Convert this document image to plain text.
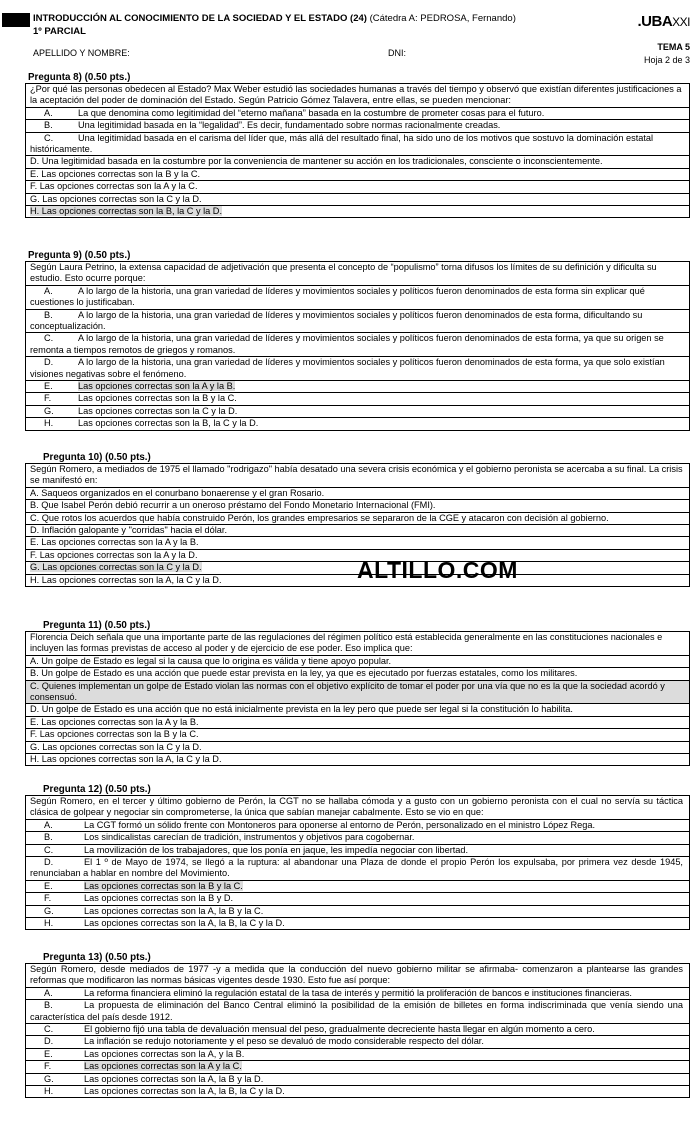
INTRODUCCIÓN AL CONOCIMIENTO DE LA SOCIEDAD Y EL ESTADO (24) (Cátedra A: PEDROSA, Fernando)
1º PARCIAL
.UBAXXI
APELLIDO Y NOMBRE:	DNI:
TEMA 5
Hoja 2 de 3
Pregunta 8) (0.50 pts.)
¿Por qué las personas obedecen al Estado? Max Weber estudió las sociedades humanas a través del tiempo y observó que existían diferentes justificaciones a la aceptación del poder de dominación del Estado. Según Patricio Gómez Talavera, entre ellas, se pueden mencionar:
A.	La que denomina como legitimidad del “eterno mañana” basada en la costumbre de prometer cosas para el futuro.
B.	Una legitimidad basada en la “legalidad”. Es decir, fundamentado sobre normas racionalmente creadas.
C.	Una legitimidad basada en el carisma del líder que, más allá del resultado final, ha sido uno de los motivos que sostuvo la dominación estatal históricamente.
D. Una legitimidad basada en la costumbre por la conveniencia de mantener su acción en los tradicionales, consciente o inconscientemente.
E. Las opciones correctas son la B y la C.
F. Las opciones correctas son la A y la C.
G. Las opciones correctas son la C y la D.
H. Las opciones correctas son la B, la C y la D.
Pregunta 9) (0.50 pts.)
Según Laura Petrino, la extensa capacidad de adjetivación que presenta el concepto de “populismo” torna difusos los límites de su definición y dificulta su estudio. Esto ocurre porque:
A.	A lo largo de la historia, una gran variedad de líderes y movimientos sociales y políticos fueron denominados de esta forma sin explicar qué cuestiones lo justificaban.
B.	A lo largo de la historia, una gran variedad de líderes y movimientos sociales y políticos fueron denominados de esta forma, dificultando su conceptualización.
C.	A lo largo de la historia, una gran variedad de líderes y movimientos sociales y políticos fueron denominados de esta forma, ya que su origen se remonta a tiempos remotos de griegos y romanos.
D.	A lo largo de la historia, una gran variedad de líderes y movimientos sociales y políticos fueron denominados de esta forma, ya que solo existían visiones negativas sobre el fenómeno.
E.	Las opciones correctas son la A y la B.
F.	Las opciones correctas son la B y la C.
G.	Las opciones correctas son la C y la D.
H.	Las opciones correctas son la B, la C y la D.
Pregunta 10) (0.50 pts.)
Según Romero, a mediados de 1975 el llamado "rodrigazo" había desatado una severa crisis económica y el gobierno peronista se acercaba a su final. La crisis se manifestó en:
A. Saqueos organizados en el conurbano bonaerense y el gran Rosario.
B. Que Isabel Perón debió recurrir a un oneroso préstamo del Fondo Monetario Internacional (FMI).
C. Que rotos los acuerdos que había construido Perón, los grandes empresarios se separaron de la CGE y atacaron con decisión al gobierno.
D. Inflación galopante y "corridas" hacia el dólar.
E. Las opciones correctas son la A y la B.
F. Las opciones correctas son la A y la D.
G. Las opciones correctas son la C y la D.
H. Las opciones correctas son la A, la C y la D.
Pregunta 11) (0.50 pts.)
Florencia Deich señala que una importante parte de las regulaciones del régimen político está establecida generalmente en las constituciones nacionales e incluyen las formas previstas de acceso al poder y de ejercicio de ese poder. Eso implica que:
A. Un golpe de Estado es legal si la causa que lo origina es válida y tiene apoyo popular.
B. Un golpe de Estado es una acción que puede estar prevista en la ley, ya que es ejecutado por fuerzas estatales, como los militares.
C. Quienes implementan un golpe de Estado violan las normas con el objetivo explícito de tomar el poder por una vía que no es la que la sociedad acordó y consensuó.
D. Un golpe de Estado es una acción que no está inicialmente prevista en la ley pero que puede ser legal si la constitución lo habilita.
E. Las opciones correctas son la A y la B.
F. Las opciones correctas son la B y la C.
G. Las opciones correctas son la C y la D.
H. Las opciones correctas son la A, la C y la D.
Pregunta 12) (0.50 pts.)
Según Romero, en el tercer y último gobierno de Perón, la CGT no se hallaba cómoda y a gusto con un gobierno peronista con el cual no servía su táctica clásica de golpear y negociar sin comprometerse, la única que sabían manejar cabalmente. Esto se vio en que:
A.	La CGT formó un sólido frente con Montoneros para oponerse al entorno de Perón, personalizado en el ministro López Rega.
B.	Los sindicalistas carecían de tradición, instrumentos y objetivos para cogobernar.
C.	La movilización de los trabajadores, que los ponía en jaque, les impedía negociar con libertad.
D.	El 1 º de Mayo de 1974, se llegó a la ruptura: al abandonar una Plaza de donde el propio Perón los expulsaba, por primera vez desde 1945, renunciaban a hablar en nombre del Movimiento.
E.	Las opciones correctas son la B y la C.
F.	Las opciones correctas son la B y D.
G.	Las opciones correctas son la A, la B y la C.
H.	Las opciones correctas son la A, la B, la C y la D.
Pregunta 13) (0.50 pts.)
Según Romero, desde mediados de 1977 -y a medida que la conducción del nuevo gobierno militar se afirmaba- comenzaron a plantearse las grandes reformas que modificaron las normas básicas vigentes desde 1930. Esto fue así porque:
A.	La reforma financiera eliminó la regulación estatal de la tasa de interés y permitió la proliferación de bancos e instituciones financieras.
B.	La propuesta de eliminación del Banco Central eliminó la posibilidad de la emisión de billetes en forma indiscriminada que venía siendo una característica del país desde 1912.
C.	El gobierno fijó una tabla de devaluación mensual del peso, gradualmente decreciente hasta llegar en algún momento a cero.
D.	La inflación se redujo notoriamente y el peso se devaluó de modo considerable respecto del dólar.
E.	Las opciones correctas son la A, y la B.
F.	Las opciones correctas son la A y la C.
G.	Las opciones correctas son la A, la B y la D.
H.	Las opciones correctas son la A, la B, la C y la D.
ALTILLO.COM
